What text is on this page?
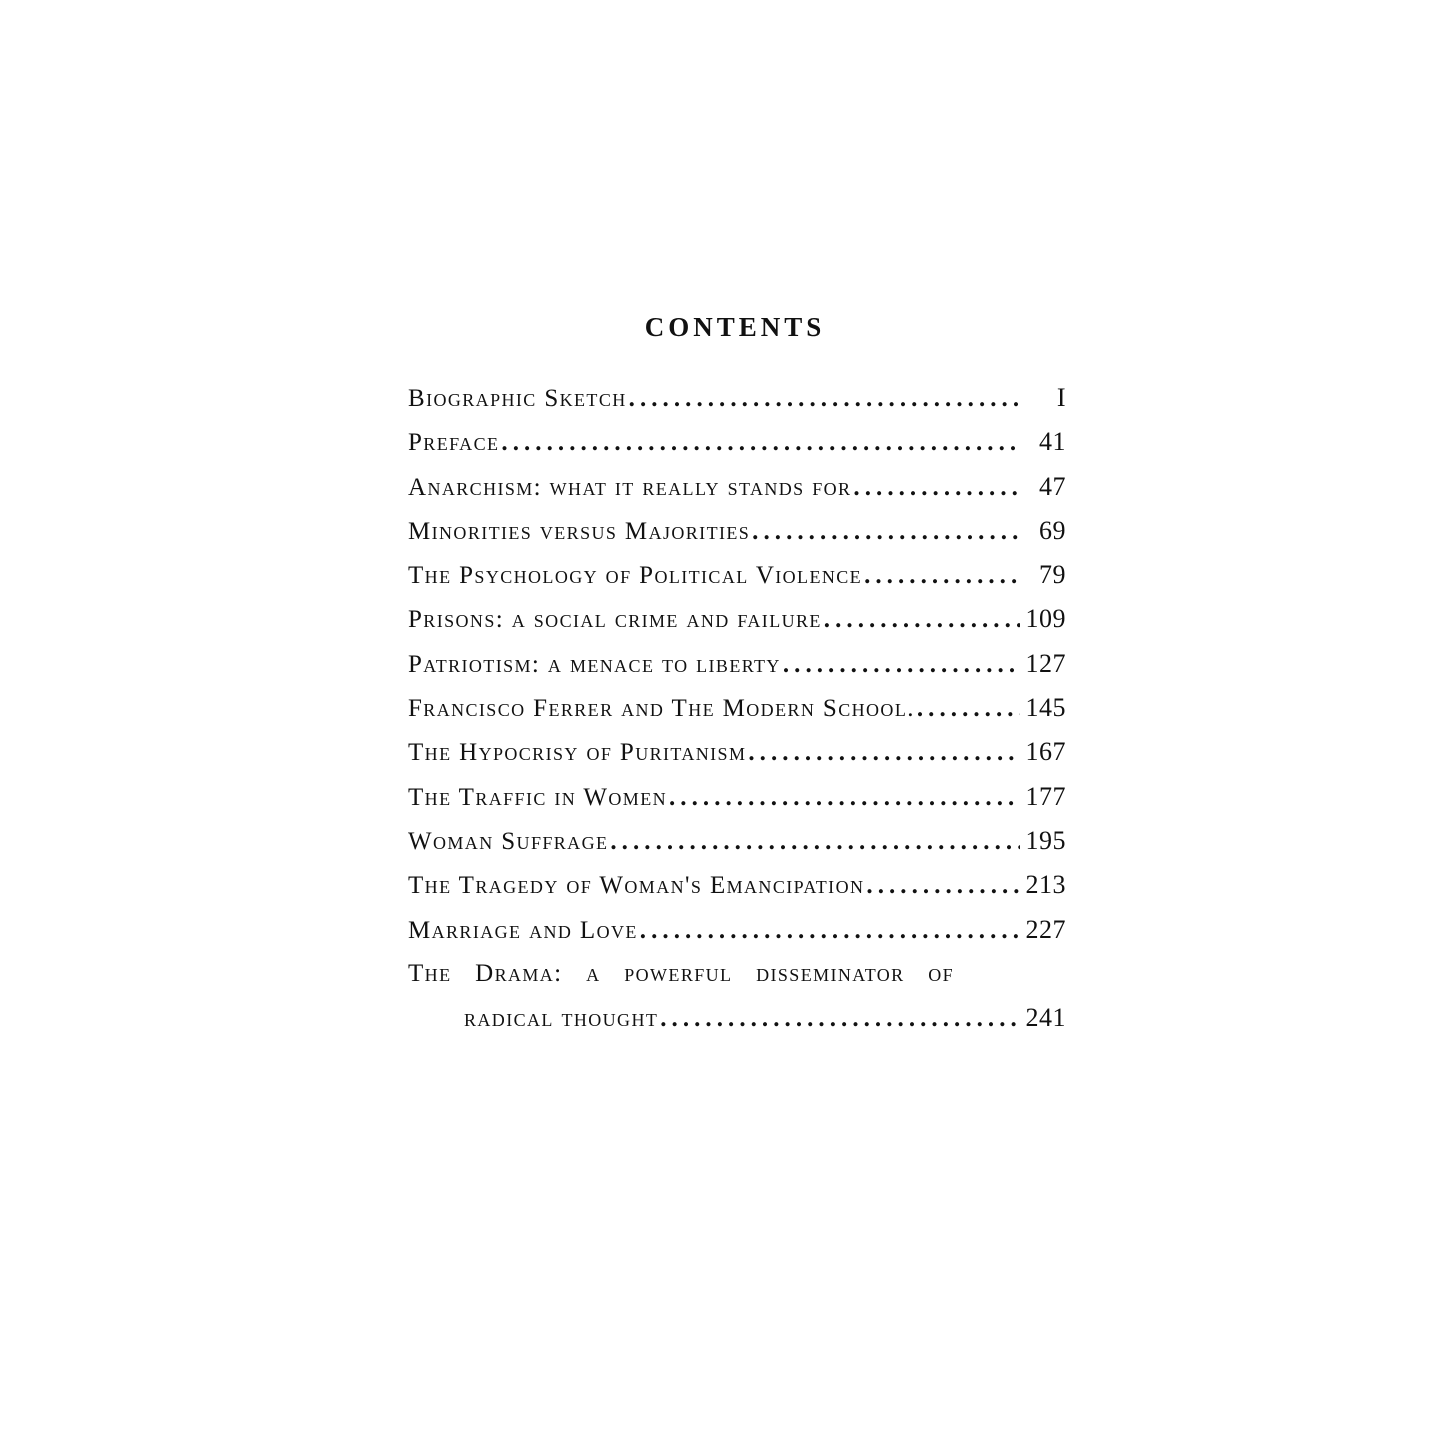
CONTENTS
Biographic Sketch . . .	I
Preface . . .	41
Anarchism: what it really stands for . . .	47
Minorities versus Majorities . . .	69
The Psychology of Political Violence . . .	79
Prisons: a social crime and failure . . .	109
Patriotism: a menace to liberty . . .	127
Francisco Ferrer and The Modern School. . . .	145
The Hypocrisy of Puritanism . . .	167
The Traffic in Women . . .	177
Woman Suffrage . . .	195
The Tragedy of Woman's Emancipation . . .	213
Marriage and Love . . .	227
The Drama: a powerful disseminator of
radical thought . . .	241
